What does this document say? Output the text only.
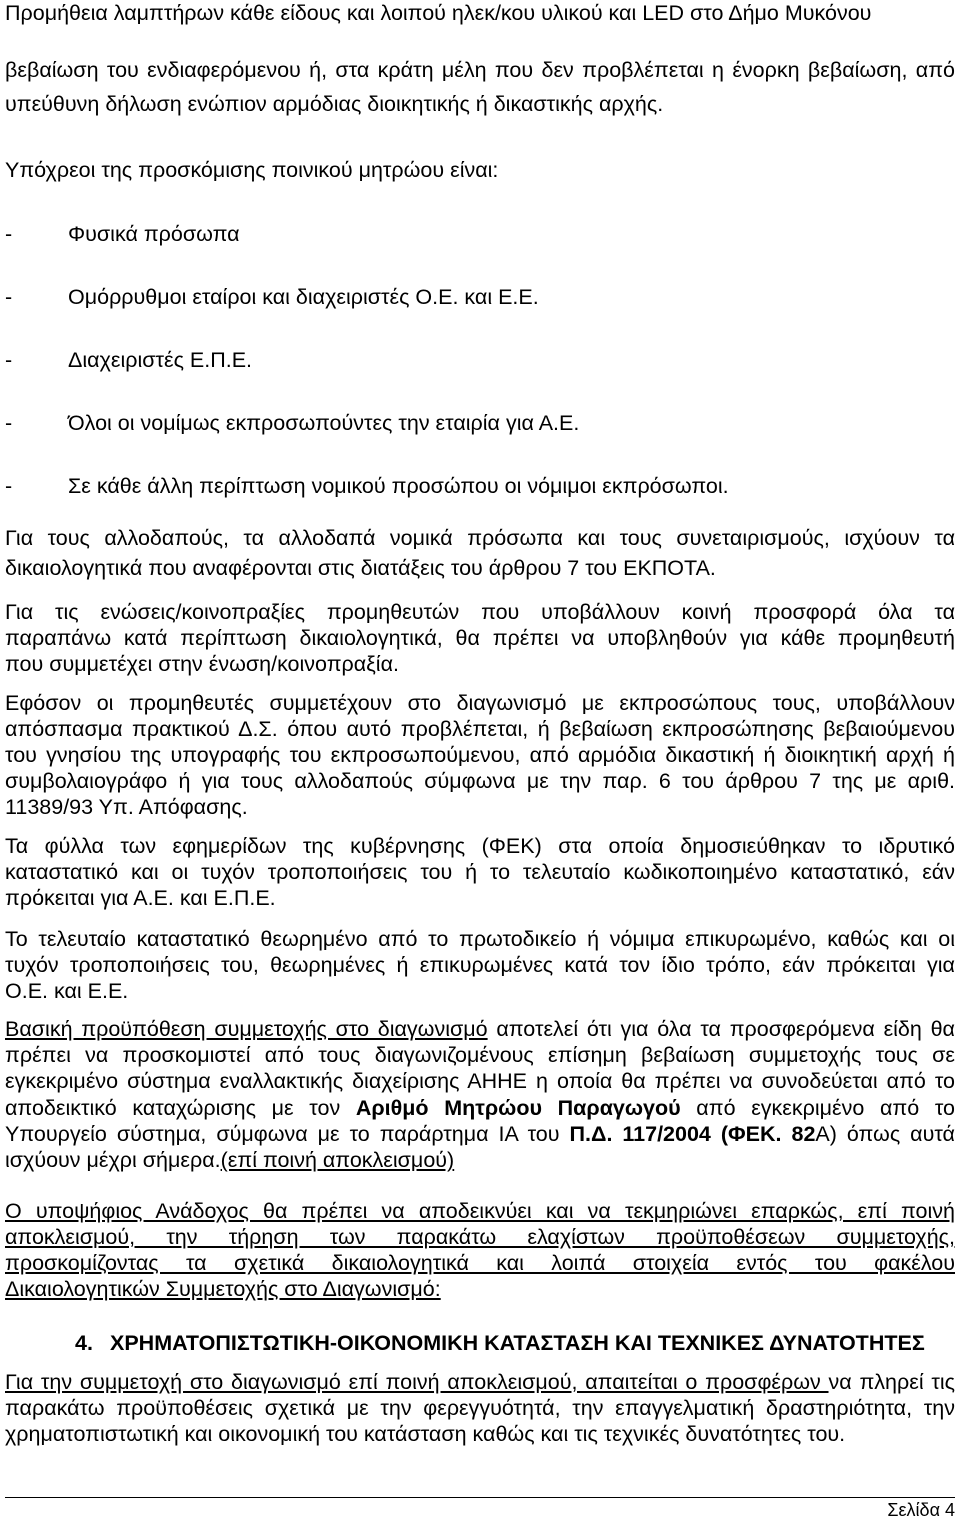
Προμήθεια λαμπτήρων κάθε είδους και λοιπού ηλεκ/κου υλικού και LED στο Δήμο Μυκόνου
βεβαίωση του ενδιαφερόμενου ή, στα κράτη μέλη που δεν προβλέπεται η ένορκη βεβαίωση, από
υπεύθυνη δήλωση ενώπιον αρμόδιας διοικητικής ή δικαστικής αρχής.
Υπόχρεοι της προσκόμισης ποινικού μητρώου είναι:
-	Φυσικά πρόσωπα
-	Ομόρρυθμοι εταίροι και διαχειριστές Ο.Ε. και Ε.Ε.
-	Διαχειριστές Ε.Π.Ε.
-	Όλοι οι νομίμως εκπροσωπούντες την εταιρία για Α.Ε.
-	Σε κάθε άλλη περίπτωση νομικού προσώπου οι νόμιμοι εκπρόσωποι.
Για τους αλλοδαπούς, τα αλλοδαπά νομικά πρόσωπα και τους συνεταιρισμούς, ισχύουν τα
δικαιολογητικά που αναφέρονται στις διατάξεις του άρθρου 7 του ΕΚΠΟΤΑ.
Για τις ενώσεις/κοινοπραξίες προμηθευτών που υποβάλλουν κοινή προσφορά όλα τα
παραπάνω κατά περίπτωση δικαιολογητικά, θα πρέπει να υποβληθούν για κάθε προμηθευτή
που συμμετέχει στην ένωση/κοινοπραξία.
Εφόσον οι προμηθευτές συμμετέχουν στο διαγωνισμό με εκπροσώπους τους, υποβάλλουν
απόσπασμα πρακτικού Δ.Σ. όπου αυτό προβλέπεται, ή βεβαίωση εκπροσώπησης βεβαιούμενου
του γνησίου της υπογραφής του εκπροσωπούμενου, από αρμόδια δικαστική ή διοικητική αρχή ή
συμβολαιογράφο ή για τους αλλοδαπούς σύμφωνα με την παρ. 6 του άρθρου 7 της με αριθ.
11389/93 Υπ. Απόφασης.
Τα φύλλα των εφημερίδων της κυβέρνησης (ΦΕΚ) στα οποία δημοσιεύθηκαν το ιδρυτικό
καταστατικό και οι τυχόν τροποποιήσεις του ή το τελευταίο κωδικοποιημένο καταστατικό, εάν
πρόκειται για Α.Ε. και Ε.Π.Ε.
Το τελευταίο καταστατικό θεωρημένο από το πρωτοδικείο ή νόμιμα επικυρωμένο, καθώς και οι
τυχόν τροποποιήσεις του, θεωρημένες ή επικυρωμένες κατά τον ίδιο τρόπο, εάν πρόκειται για
Ο.Ε. και Ε.Ε.
Βασική προϋπόθεση συμμετοχής στο διαγωνισμό αποτελεί ότι για όλα τα προσφερόμενα είδη θα
πρέπει να προσκομιστεί από τους διαγωνιζομένους επίσημη βεβαίωση συμμετοχής τους σε
εγκεκριμένο σύστημα εναλλακτικής διαχείρισης ΑΗΗΕ η οποία θα πρέπει να συνοδεύεται από το
αποδεικτικό καταχώρισης με τον Αριθμό Μητρώου Παραγωγού από εγκεκριμένο από το
Υπουργείο σύστημα, σύμφωνα με το παράρτημα ΙΑ του Π.Δ. 117/2004 (ΦΕΚ. 82Α) όπως αυτά
ισχύουν μέχρι σήμερα.(επί ποινή αποκλεισμού)
Ο υποψήφιος Ανάδοχος θα πρέπει να αποδεικνύει και να τεκμηριώνει επαρκώς, επί ποινή
αποκλεισμού, την τήρηση των παρακάτω ελαχίστων προϋποθέσεων συμμετοχής,
προσκομίζοντας τα σχετικά δικαιολογητικά και λοιπά στοιχεία εντός του φακέλου
Δικαιολογητικών Συμμετοχής στο Διαγωνισμό:
4. ΧΡΗΜΑΤΟΠΙΣΤΩΤΙΚΗ-ΟΙΚΟΝΟΜΙΚΗ ΚΑΤΑΣΤΑΣΗ ΚΑΙ ΤΕΧΝΙΚΕΣ ΔΥΝΑΤΟΤΗΤΕΣ
Για την συμμετοχή στο διαγωνισμό επί ποινή αποκλεισμού, απαιτείται ο προσφέρων να πληρεί τις
παρακάτω προϋποθέσεις σχετικά με την φερεγγυότητά, την επαγγελματική δραστηριότητα, την
χρηματοπιστωτική και οικονομική του κατάσταση καθώς και τις τεχνικές δυνατότητες του.
Σελίδα 4
